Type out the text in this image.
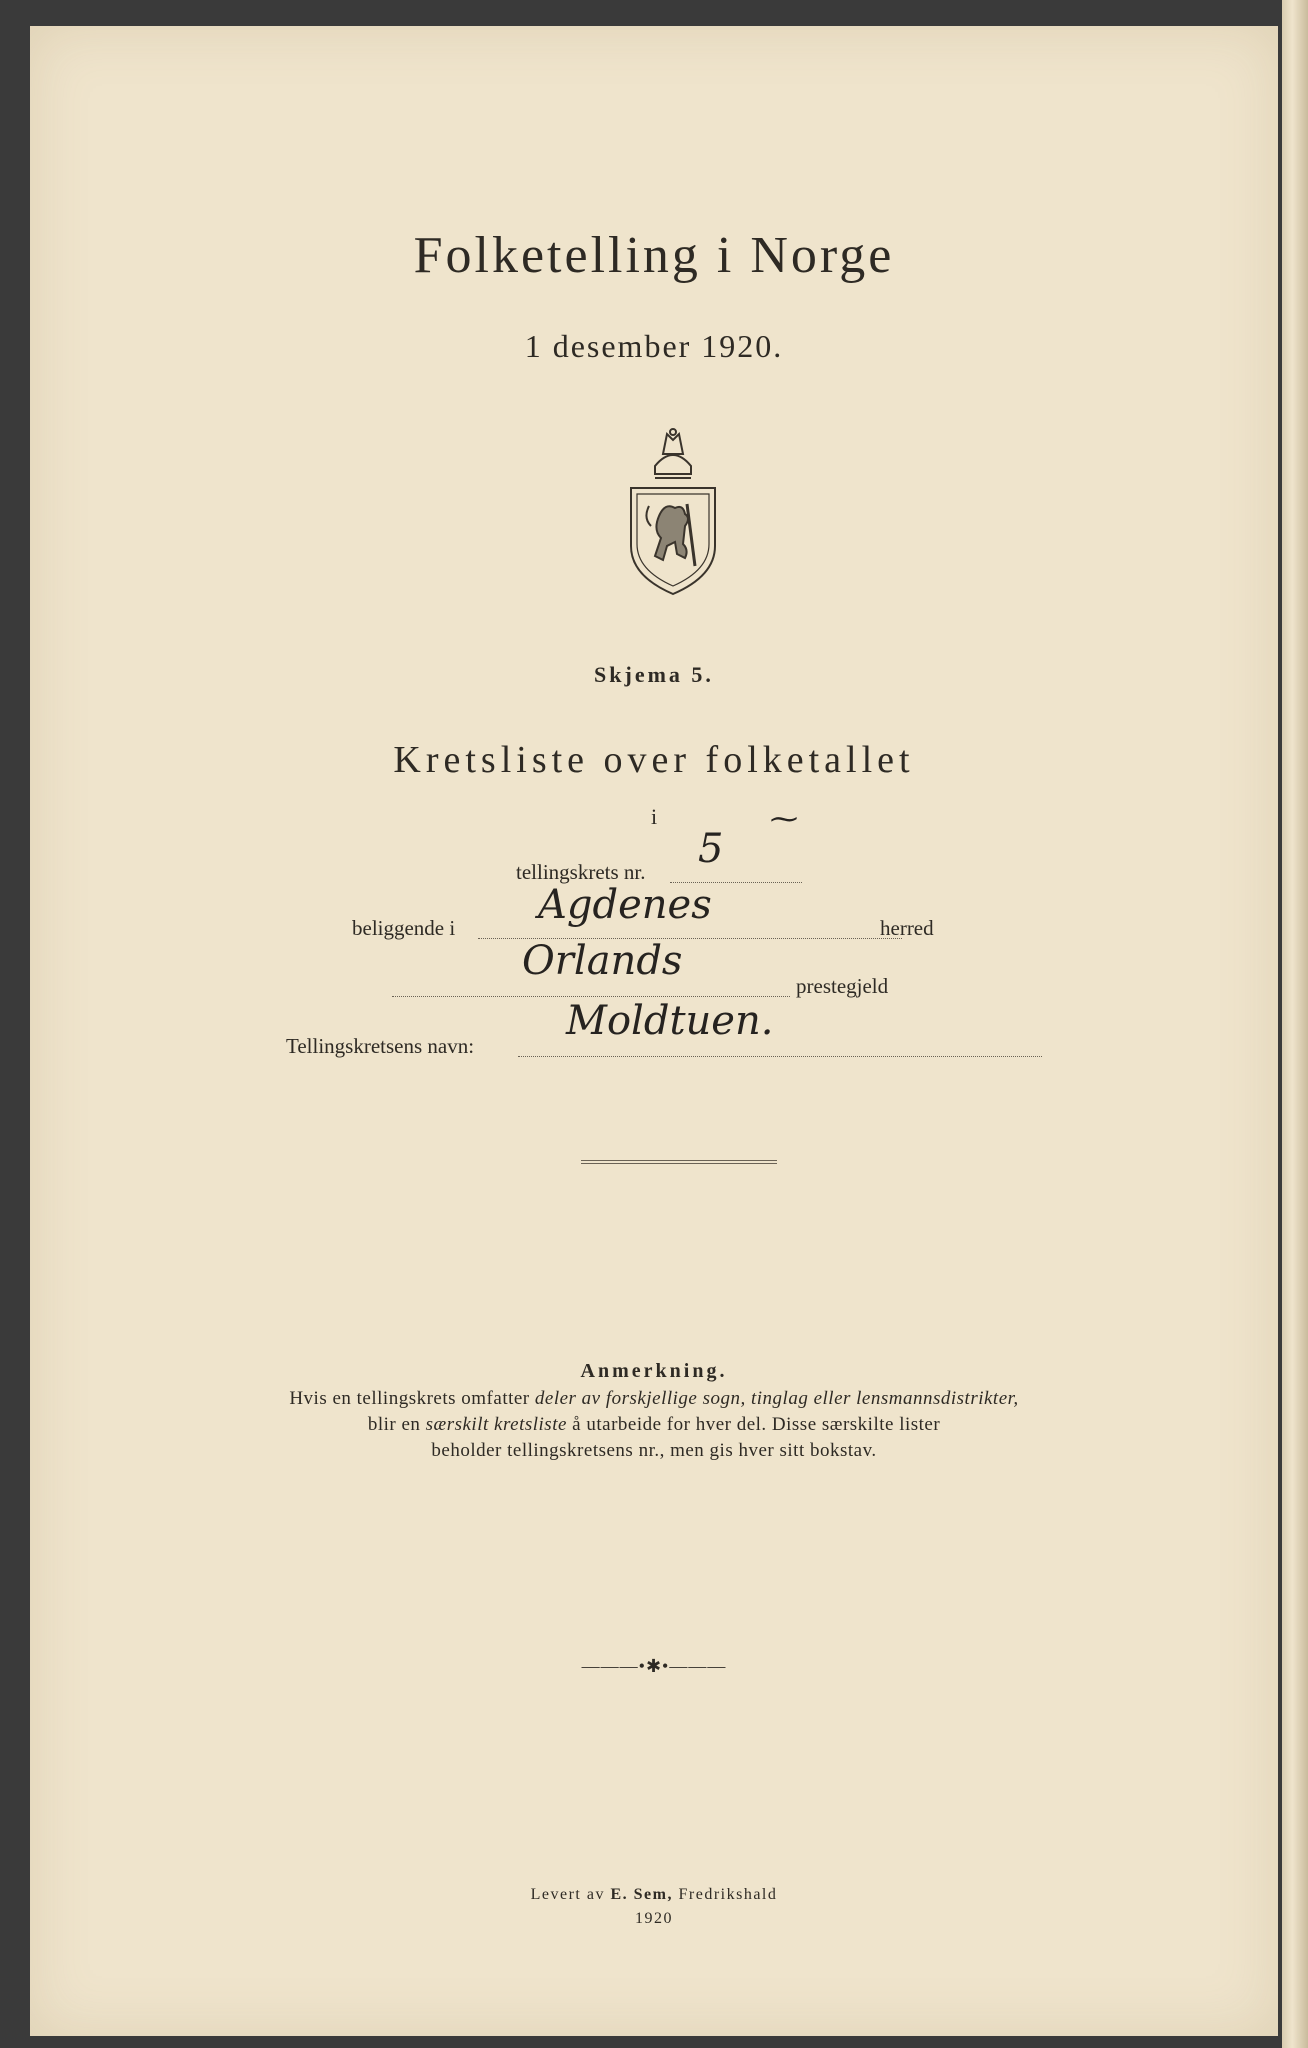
Folketelling i Norge
1 desember 1920.
Skjema 5.
Kretsliste over folketallet
i
tellingskrets nr. 5
⁓
beliggende i Agdenes	herred
Orlands
prestegjeld
Tellingskretsens navn:
Moldtuen.
Anmerkning.
Hvis en tellingskrets omfatter deler av forskjellige sogn, tinglag eller lensmannsdistrikter,
blir en særskilt kretsliste å utarbeide for hver del. Disse særskilte lister
beholder tellingskretsens nr., men gis hver sitt bokstav.
———•✱•———
Levert av E. Sem, Fredrikshald
1920
